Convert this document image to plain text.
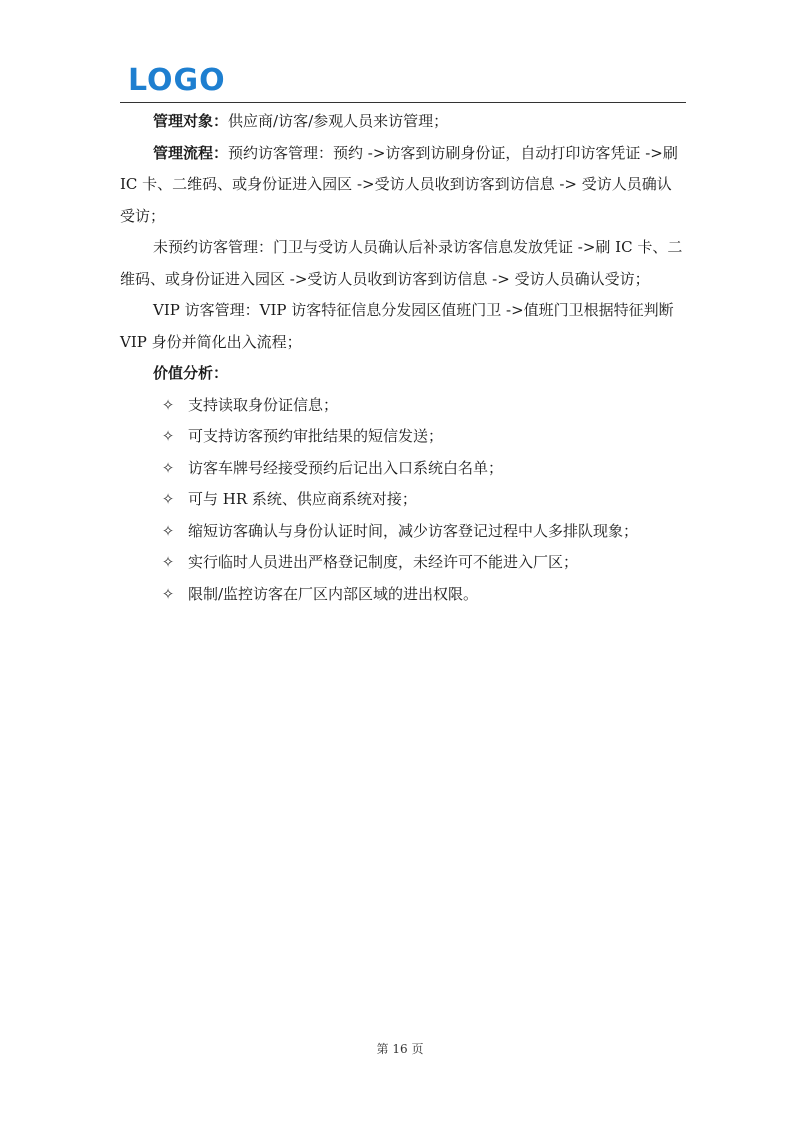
LOGO

管理对象：供应商/访客/参观人员来访管理；

管理流程：预约访客管理：预约 ->访客到访刷身份证，自动打印访客凭证 ->刷 IC 卡、二维码、或身份证进入园区 ->受访人员收到访客到访信息 -> 受访人员确认受访；

未预约访客管理：门卫与受访人员确认后补录访客信息发放凭证 ->刷 IC 卡、二维码、或身份证进入园区 ->受访人员收到访客到访信息 -> 受访人员确认受访；

VIP 访客管理：VIP 访客特征信息分发园区值班门卫 ->值班门卫根据特征判断 VIP 身份并简化出入流程；

价值分析：

✧ 支持读取身份证信息；
✧ 可支持访客预约审批结果的短信发送；
✧ 访客车牌号经接受预约后记出入口系统白名单；
✧ 可与 HR 系统、供应商系统对接；
✧ 缩短访客确认与身份认证时间，减少访客登记过程中人多排队现象；
✧ 实行临时人员进出严格登记制度，未经许可不能进入厂区；
✧ 限制/监控访客在厂区内部区域的进出权限。
第 16 页
